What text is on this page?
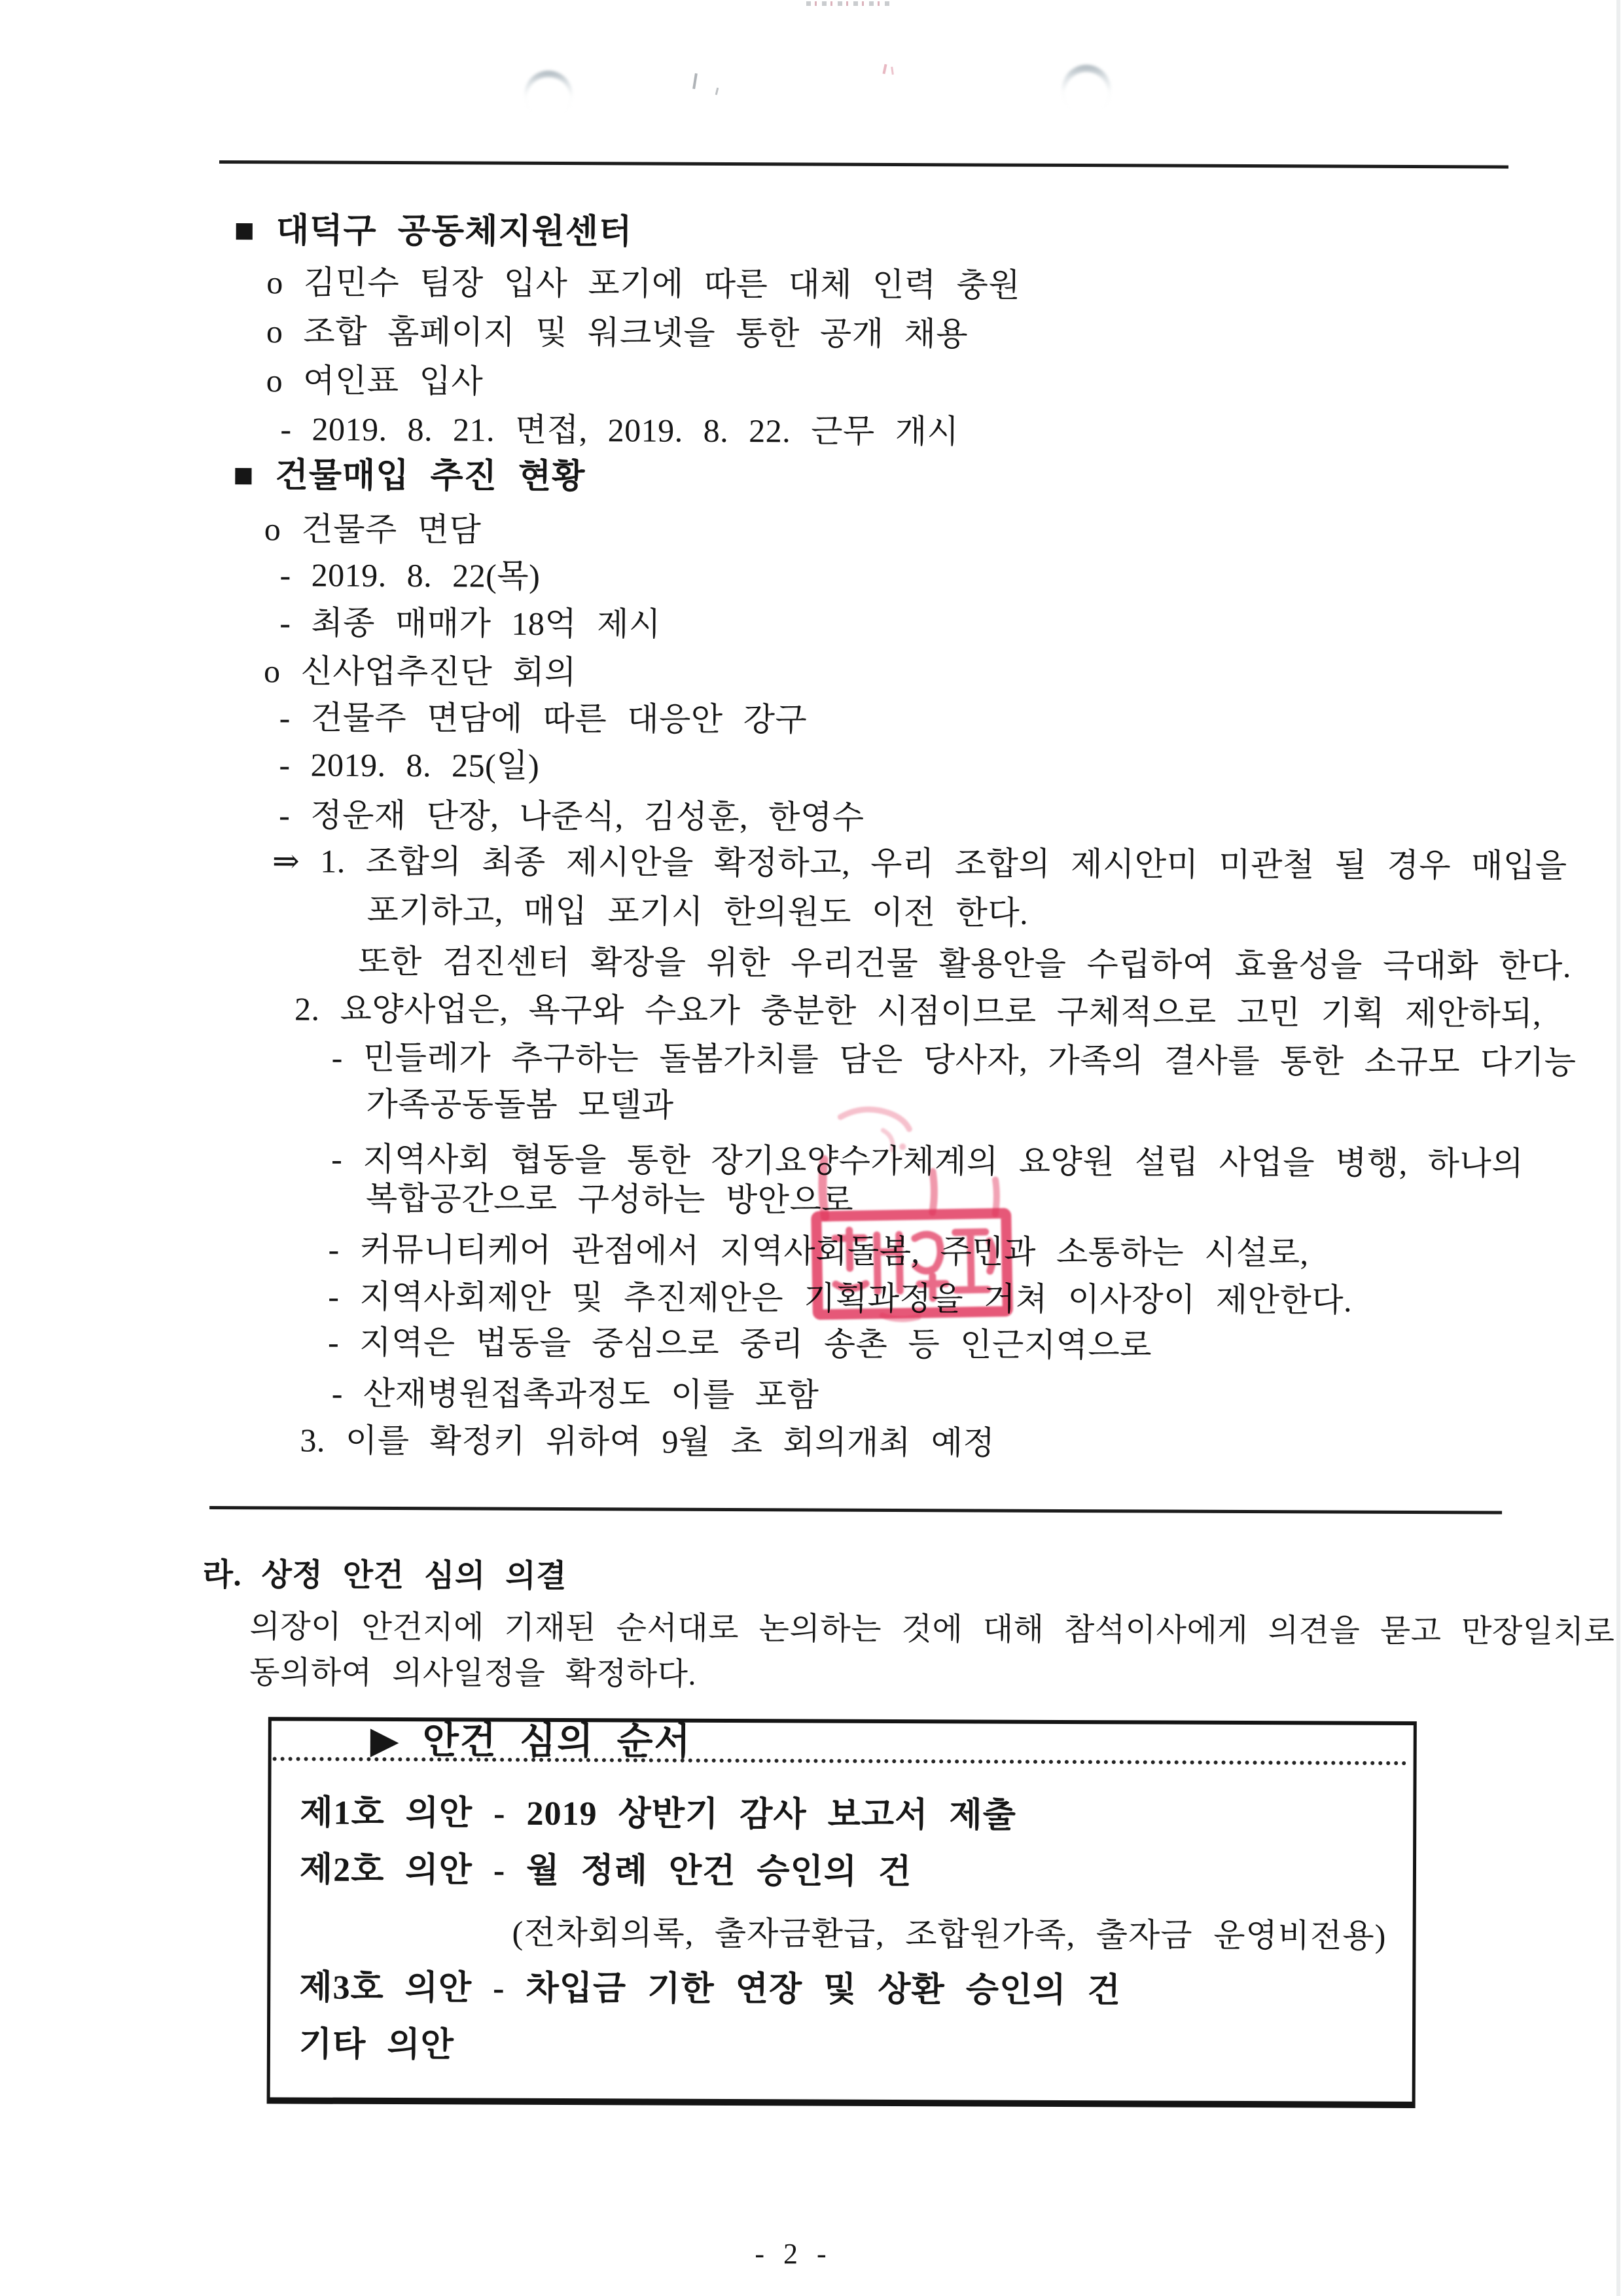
■ 대덕구 공동체지원센터
o 김민수 팀장 입사 포기에 따른 대체 인력 충원
o 조합 홈페이지 및 워크넷을 통한 공개 채용
o 여인표 입사
- 2019. 8. 21. 면접, 2019. 8. 22. 근무 개시
■ 건물매입 추진 현황
o 건물주 면담
- 2019. 8. 22(목)
- 최종 매매가 18억 제시
o 신사업추진단 회의
- 건물주 면담에 따른 대응안 강구
- 2019. 8. 25(일)
- 정운재 단장, 나준식, 김성훈, 한영수
⇒ 1. 조합의 최종 제시안을 확정하고, 우리 조합의 제시안미 미관철 될 경우 매입을
포기하고, 매입 포기시 한의원도 이전 한다.
또한 검진센터 확장을 위한 우리건물 활용안을 수립하여 효율성을 극대화 한다.
2. 요양사업은, 욕구와 수요가 충분한 시점이므로 구체적으로 고민 기획 제안하되,
- 민들레가 추구하는 돌봄가치를 담은 당사자, 가족의 결사를 통한 소규모 다기능
가족공동돌봄 모델과
- 지역사회 협동을 통한 장기요양수가체계의 요양원 설립 사업을 병행, 하나의
복합공간으로 구성하는 방안으로
- 커뮤니티케어 관점에서 지역사회돌봄, 주민과 소통하는 시설로,
- 지역사회제안 및 추진제안은 기획과정을 거쳐 이사장이 제안한다.
- 지역은 법동을 중심으로 중리 송촌 등 인근지역으로
- 산재병원접촉과정도 이를 포함
3. 이를 확정키 위하여 9월 초 회의개최 예정
라. 상정 안건 심의 의결
의장이 안건지에 기재된 순서대로 논의하는 것에 대해 참석이사에게 의견을 묻고 만장일치로
동의하여 의사일정을 확정하다.
▶ 안건 심의 순서
제1호 의안 - 2019 상반기 감사 보고서 제출
제2호 의안 - 월 정례 안건 승인의 건
(전차회의록, 출자금환급, 조합원가족, 출자금 운영비전용)
제3호 의안 - 차입금 기한 연장 및 상환 승인의 건
기타 의안
- 2 -
